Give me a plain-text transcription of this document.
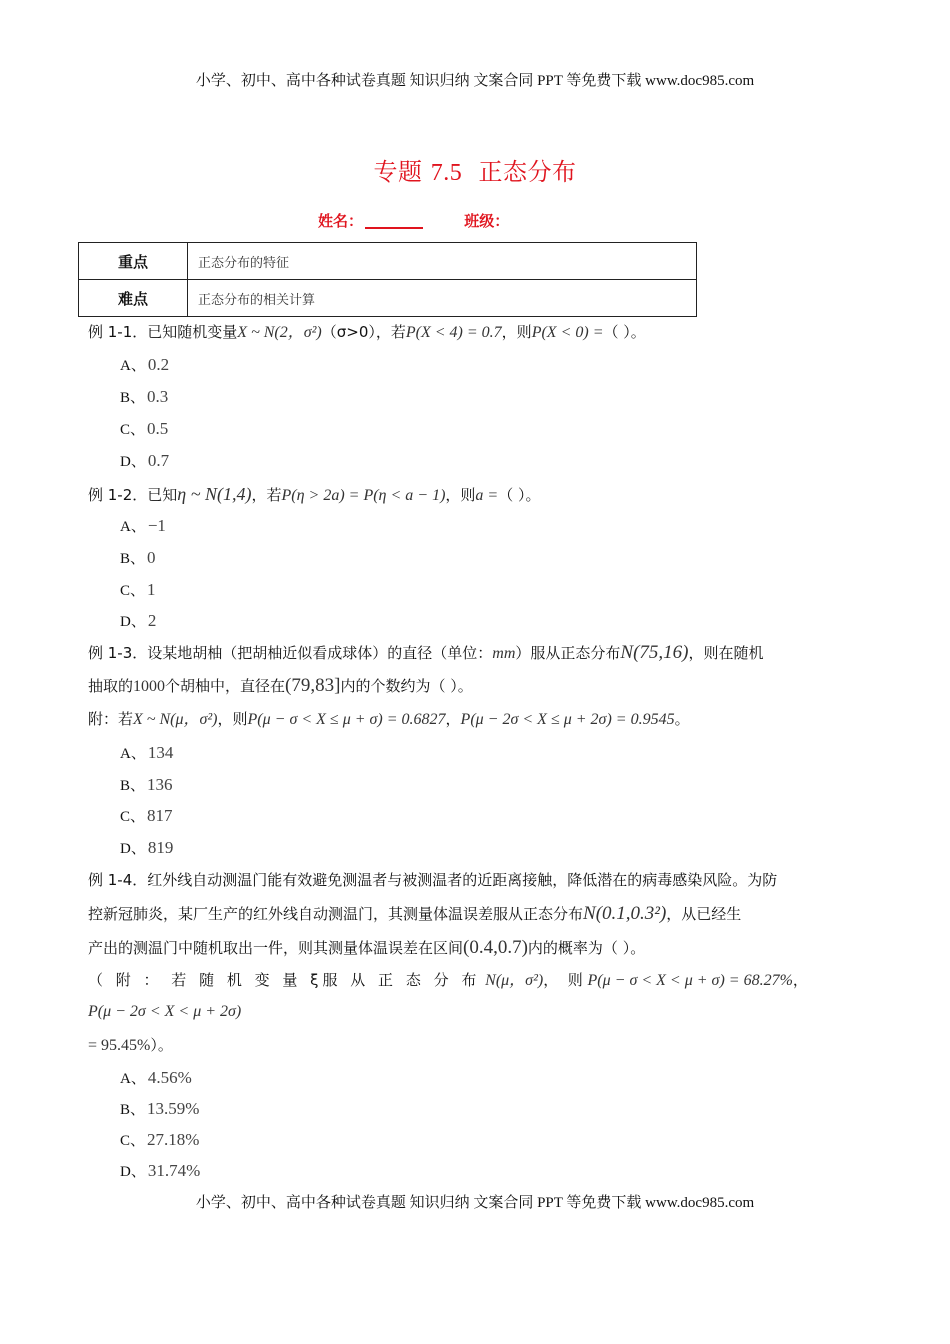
小学、初中、高中各种试卷真题 知识归纳 文案合同 PPT 等免费下载 www.doc985.com
专题 7.5  正态分布
姓名：	班级：
重点	正态分布的特征
难点	正态分布的相关计算
例 1-1．已知随机变量X ~ N(2，σ²)（σ>0），若P(X < 4) = 0.7，则P(X < 0) =（ ）。
A、 0.2
B、 0.3
C、 0.5
D、 0.7
例 1-2．已知η ~ N(1,4)，若P(η > 2a) = P(η < a − 1)，则a =（ ）。
A、 −1
B、 0
C、 1
D、 2
例 1-3．设某地胡柚（把胡柚近似看成球体）的直径（单位：mm）服从正态分布N(75,16)，则在随机
抽取的1000个胡柚中，直径在(79,83]内的个数约为（ ）。
附：若X ~ N(μ，σ²)，则P(μ − σ < X ≤ μ + σ) = 0.6827，P(μ − 2σ < X ≤ μ + 2σ) = 0.9545。
A、 134
B、 136
C、 817
D、 819
例 1-4．红外线自动测温门能有效避免测温者与被测温者的近距离接触，降低潜在的病毒感染风险。为防
控新冠肺炎，某厂生产的红外线自动测温门，其测量体温误差服从正态分布N(0.1,0.3²)，从已经生
产出的测温门中随机取出一件，则其测量体温误差在区间(0.4,0.7)内的概率为（ ）。
（ 附 ： 若 随 机 变 量 ξ服 从 正 态 分 布 N(μ，σ²)，  则 P(μ − σ < X < μ + σ) = 68.27%，
P(μ − 2σ < X < μ + 2σ)
= 95.45%）。
A、 4.56%
B、 13.59%
C、 27.18%
D、 31.74%
小学、初中、高中各种试卷真题 知识归纳 文案合同 PPT 等免费下载 www.doc985.com
